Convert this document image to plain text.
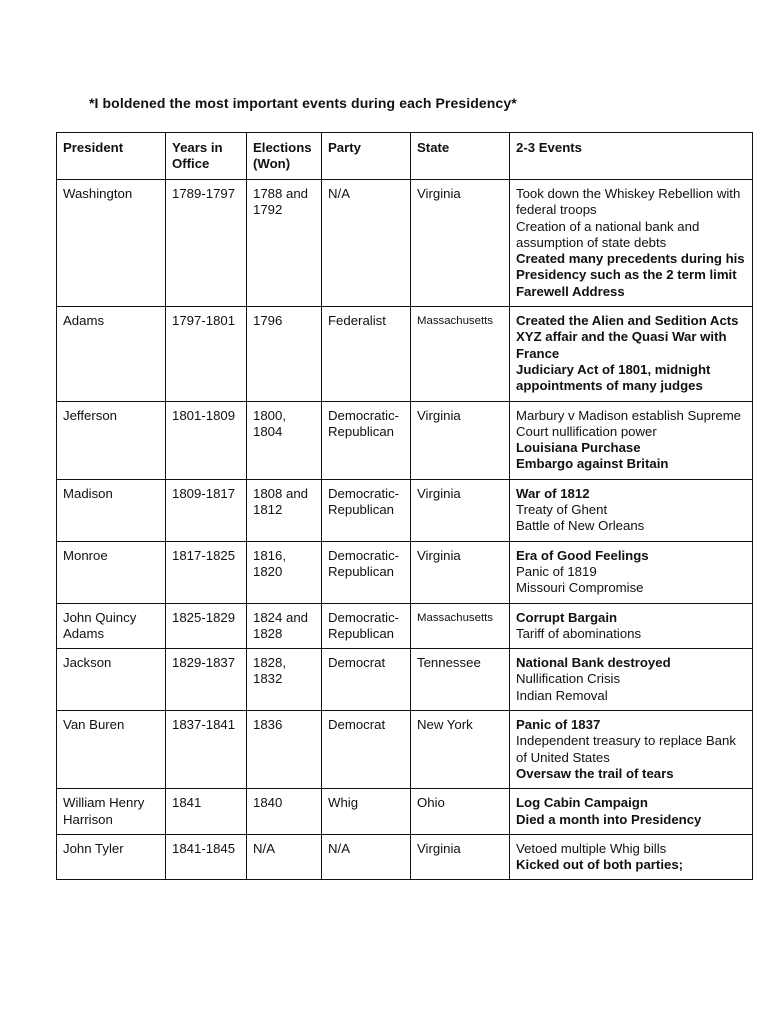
*I boldened the most important events during each Presidency*
President	Years in Office	Elections (Won)	Party	State	2-3 Events
Washington	1789-1797	1788 and 1792	N/A	Virginia	Took down the Whiskey Rebellion with federal troops
Creation of a national bank and assumption of state debts
Created many precedents during his Presidency such as the 2 term limit
Farewell Address

Adams	1797-1801	1796	Federalist	Massachusetts	Created the Alien and Sedition Acts
XYZ affair and the Quasi War with France
Judiciary Act of 1801, midnight appointments of many judges

Jefferson	1801-1809	1800, 1804	Democratic-Republican	Virginia	Marbury v Madison establish Supreme Court nullification power
Louisiana Purchase
Embargo against Britain

Madison	1809-1817	1808 and 1812	Democratic-Republican	Virginia	War of 1812
Treaty of Ghent
Battle of New Orleans

Monroe	1817-1825	1816, 1820	Democratic-Republican	Virginia	Era of Good Feelings
Panic of 1819
Missouri Compromise

John Quincy Adams	1825-1829	1824 and 1828	Democratic-Republican	Massachusetts	Corrupt Bargain
Tariff of abominations

Jackson	1829-1837	1828, 1832	Democrat	Tennessee	National Bank destroyed
Nullification Crisis
Indian Removal

Van Buren	1837-1841	1836	Democrat	New York	Panic of 1837
Independent treasury to replace Bank of United States
Oversaw the trail of tears

William Henry Harrison	1841	1840	Whig	Ohio	Log Cabin Campaign
Died a month into Presidency

John Tyler	1841-1845	N/A	N/A	Virginia	Vetoed multiple Whig bills
Kicked out of both parties;
